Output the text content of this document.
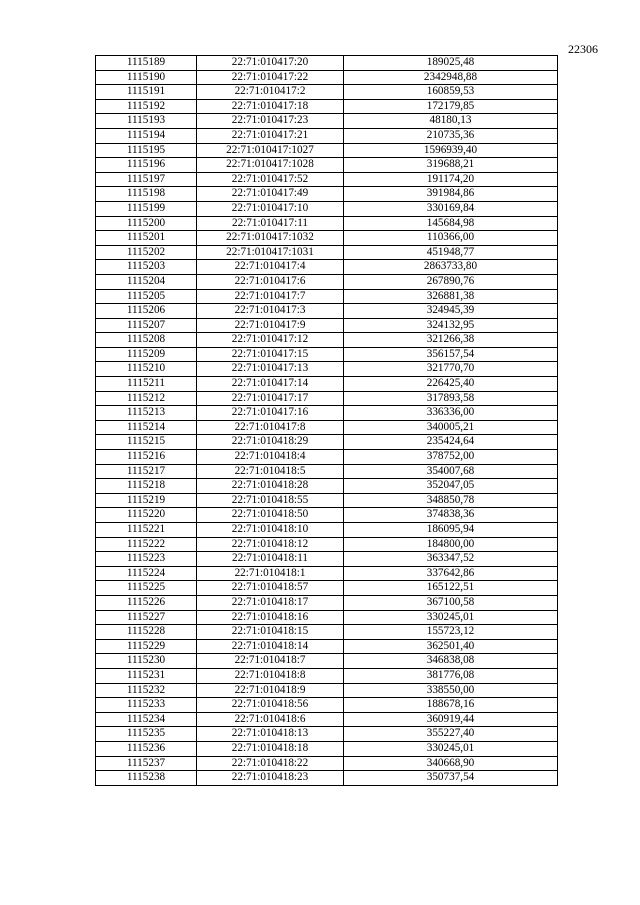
22306
1115189	22:71:010417:20	189025,48
1115190	22:71:010417:22	2342948,88
1115191	22:71:010417:2	160859,53
1115192	22:71:010417:18	172179,85
1115193	22:71:010417:23	48180,13
1115194	22:71:010417:21	210735,36
1115195	22:71:010417:1027	1596939,40
1115196	22:71:010417:1028	319688,21
1115197	22:71:010417:52	191174,20
1115198	22:71:010417:49	391984,86
1115199	22:71:010417:10	330169,84
1115200	22:71:010417:11	145684,98
1115201	22:71:010417:1032	110366,00
1115202	22:71:010417:1031	451948,77
1115203	22:71:010417:4	2863733,80
1115204	22:71:010417:6	267890,76
1115205	22:71:010417:7	326881,38
1115206	22:71:010417:3	324945,39
1115207	22:71:010417:9	324132,95
1115208	22:71:010417:12	321266,38
1115209	22:71:010417:15	356157,54
1115210	22:71:010417:13	321770,70
1115211	22:71:010417:14	226425,40
1115212	22:71:010417:17	317893,58
1115213	22:71:010417:16	336336,00
1115214	22:71:010417:8	340005,21
1115215	22:71:010418:29	235424,64
1115216	22:71:010418:4	378752,00
1115217	22:71:010418:5	354007,68
1115218	22:71:010418:28	352047,05
1115219	22:71:010418:55	348850,78
1115220	22:71:010418:50	374838,36
1115221	22:71:010418:10	186095,94
1115222	22:71:010418:12	184800,00
1115223	22:71:010418:11	363347,52
1115224	22:71:010418:1	337642,86
1115225	22:71:010418:57	165122,51
1115226	22:71:010418:17	367100,58
1115227	22:71:010418:16	330245,01
1115228	22:71:010418:15	155723,12
1115229	22:71:010418:14	362501,40
1115230	22:71:010418:7	346838,08
1115231	22:71:010418:8	381776,08
1115232	22:71:010418:9	338550,00
1115233	22:71:010418:56	188678,16
1115234	22:71:010418:6	360919,44
1115235	22:71:010418:13	355227,40
1115236	22:71:010418:18	330245,01
1115237	22:71:010418:22	340668,90
1115238	22:71:010418:23	350737,54
